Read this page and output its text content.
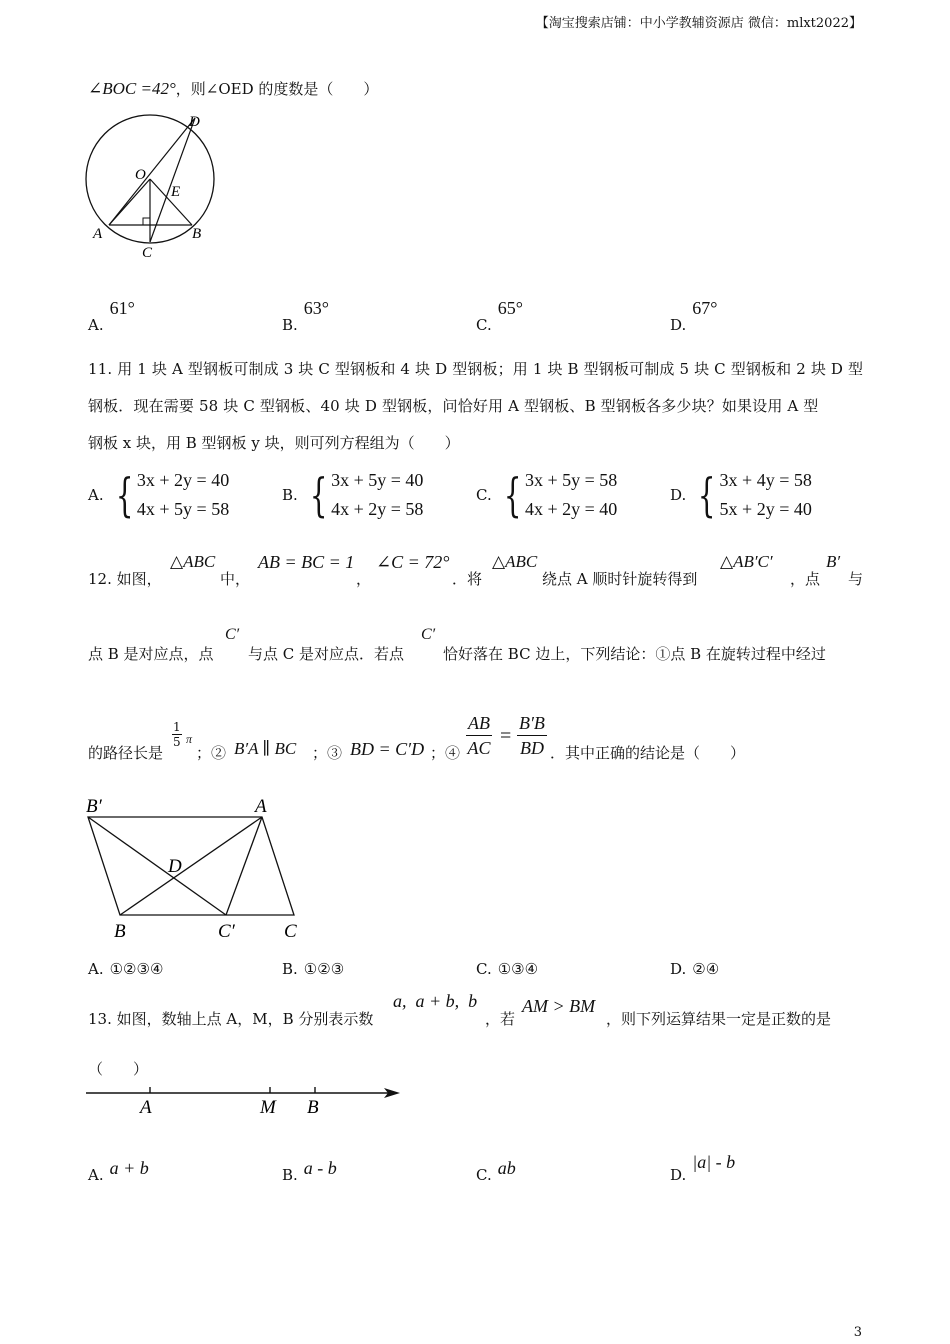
【淘宝搜索店铺：中小学教辅资源店 微信：mlxt2022】
∠BOC =42°，则∠OED 的度数是（　　）
D
O
E
A	B
C
A.61°
B.63°
C.65°
D.67°
11. 用 1 块 A 型钢板可制成 3 块 C 型钢板和 4 块 D 型钢板；用 1 块 B 型钢板可制成 5 块 C 型钢板和 2 块 D 型
钢板．现在需要 58 块 C 型钢板、40 块 D 型钢板，问恰好用 A 型钢板、B 型钢板各多少块？如果设用 A 型
钢板 x 块，用 B 型钢板 y 块，则可列方程组为（　　）
A. { 3x + 2y = 40
4x + 5y = 58
B. { 3x + 5y = 40
4x + 2y = 58
C. { 3x + 5y = 58
4x + 2y = 40
D. { 3x + 4y = 58
5x + 2y = 40
12. 如图，
△ABC
中，
AB = BC = 1
，
∠C = 72°
．将
△ABC
绕点 A 顺时针旋转得到
△AB′C′
，点
B′
与
点 B 是对应点，点
C′
与点 C 是对应点．若点
C′
恰好落在 BC 边上，下列结论：①点 B 在旋转过程中经过
的路径长是
1
5 π
；② B′A ∥ BC ；③ BD = C′D ；④ $\frac{AB}{AC} = \frac{B'B}{BD}$ ．其中正确的结论是（　　）
B′	A
D
B	C′	C
A. ①②③④	B. ①②③	C. ①③④	D. ②④
13. 如图，数轴上点 A，M，B 分别表示数
a,  a + b,  b
，若
AM > BM
，则下列运算结果一定是正数的是
（　　）
A	M B
A. a + b	B. a - b	C. ab	D.|a| - b
3
